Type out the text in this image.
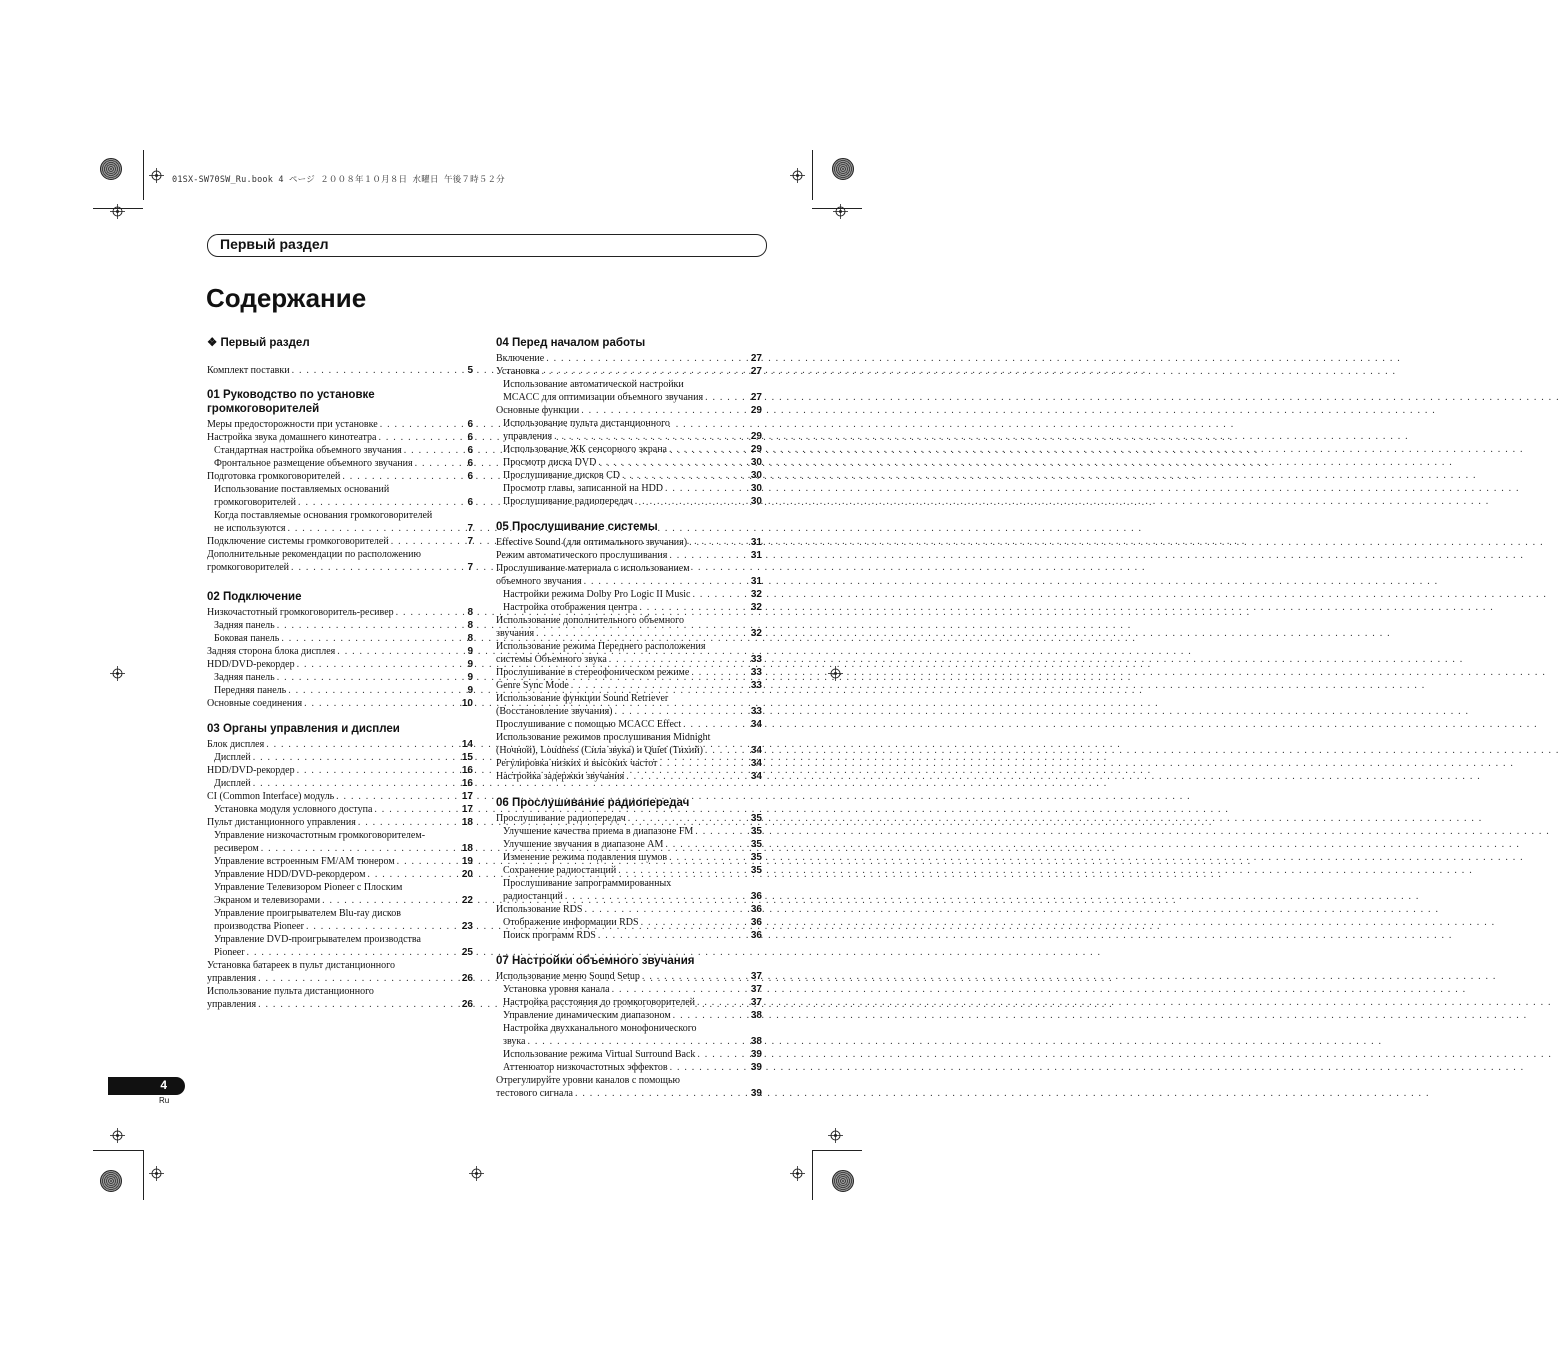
01SX-SW70SW_Ru.book 4 ページ ２００８年１０月８日 水曜日 午後７時５２分
Первый раздел
Содержание
❖ Первый раздел
Комплект поставки . . .	5
01 Руководство по установке громкоговорителей
Меры предосторожности при установке . . .	6
Настройка звука домашнего кинотеатра . . .	6
Стандартная настройка объемного звучания . . .	6
Фронтальное размещение объемного звучания . . .	6
Подготовка громкоговорителей . . .	6
Использование поставляемых оснований
громкоговорителей . . .	6
Когда поставляемые основания громкоговорителей
не используются . . .	7
Подключение системы громкоговорителей . . .	7
Дополнительные рекомендации по расположению
громкоговорителей . . .	7
02 Подключение
Низкочастотный громкоговоритель-ресивер . . .	8
Задняя панель . . .	8
Боковая панель . . .	8
Задняя сторона блока дисплея . . .	9
HDD/DVD-рекордер . . .	9
Задняя панель . . .	9
Передняя панель . . .	9
Основные соединения . . .	10
03 Органы управления и дисплеи
Блок дисплея . . .	14
Дисплей . . .	15
HDD/DVD-рекордер . . .	16
Дисплей . . .	16
CI (Common Interface) модуль . . .	17
Установка модуля условного доступа . . .	17
Пульт дистанционного управления . . .	18
Управление низкочастотным громкоговорителем-
ресивером . . .	18
Управление встроенным FM/AM тюнером . . .	19
Управление HDD/DVD-рекордером . . .	20
Управление Телевизором Pioneer с Плоским
Экраном и телевизорами . . .	22
Управление проигрывателем Blu-ray дисков
производства Pioneer . . .	23
Управление DVD-проигрывателем производства
Pioneer . . .	25
Установка батареек в пульт дистанционного
управления . . .	26
Использование пульта дистанционного
управления . . .	26
04 Перед началом работы
Включение . . .	27
Установка . . .	27
Использование автоматической настройки
MCACC для оптимизации объемного звучания . . .	27
Основные функции . . .	29
Использование пульта дистанционного
управления . . .	29
Использование ЖК сенсорного экрана . . .	29
Просмотр диска DVD . . .	30
Прослушивание дисков CD . . .	30
Просмотр главы, записанной на HDD . . .	30
Прослушивание радиопередач . . .	30
05 Прослушивание системы
Effective Sound (для оптимального звучания) . . .	31
Режим автоматического прослушивания . . .	31
Прослушивание материала с использованием
объемного звучания . . .	31
Настройки режима Dolby Pro Logic II Music . . .	32
Настройка отображения центра . . .	32
Использование дополнительного объемного
звучания . . .	32
Использование режима Переднего расположения
системы Объемного звука . . .	33
Прослушивание в стереофоническом режиме . . .	33
Genre Sync Mode . . .	33
Использование функции Sound Retriever
(Восстановление звучания) . . .	33
Прослушивание с помощью MCACC Effect . . .	34
Использование режимов прослушивания Midnight
(Ночной), Loudness (Сила звука) и Quiet (Тихий) . . .	34
Регулировка низких и высоких частот . . .	34
Настройка задержки звучания . . .	34
06 Прослушивание радиопередач
Прослушивание радиопередач . . .	35
Улучшение качества приема в диапазоне FM . . .	35
Улучшение звучания в диапазоне AM . . .	35
Изменение режима подавления шумов . . .	35
Сохранение радиостанций . . .	35
Прослушивание запрограммированных
радиостанций . . .	36
Использование RDS . . .	36
Отображение информации RDS . . .	36
Поиск программ RDS . . .	36
07 Настройки объемного звучания
Использование меню Sound Setup . . .	37
Установка уровня канала . . .	37
Настройка расстояния до громкоговорителей . . .	37
Управление динамическим диапазоном . . .	38
Настройка двухканального монофонического
звука . . .	38
Использование режима Virtual Surround Back . . .	39
Аттенюатор низкочастотных эффектов . . .	39
Отрегулируйте уровни каналов с помощью
тестового сигнала . . .	39
4
Ru
